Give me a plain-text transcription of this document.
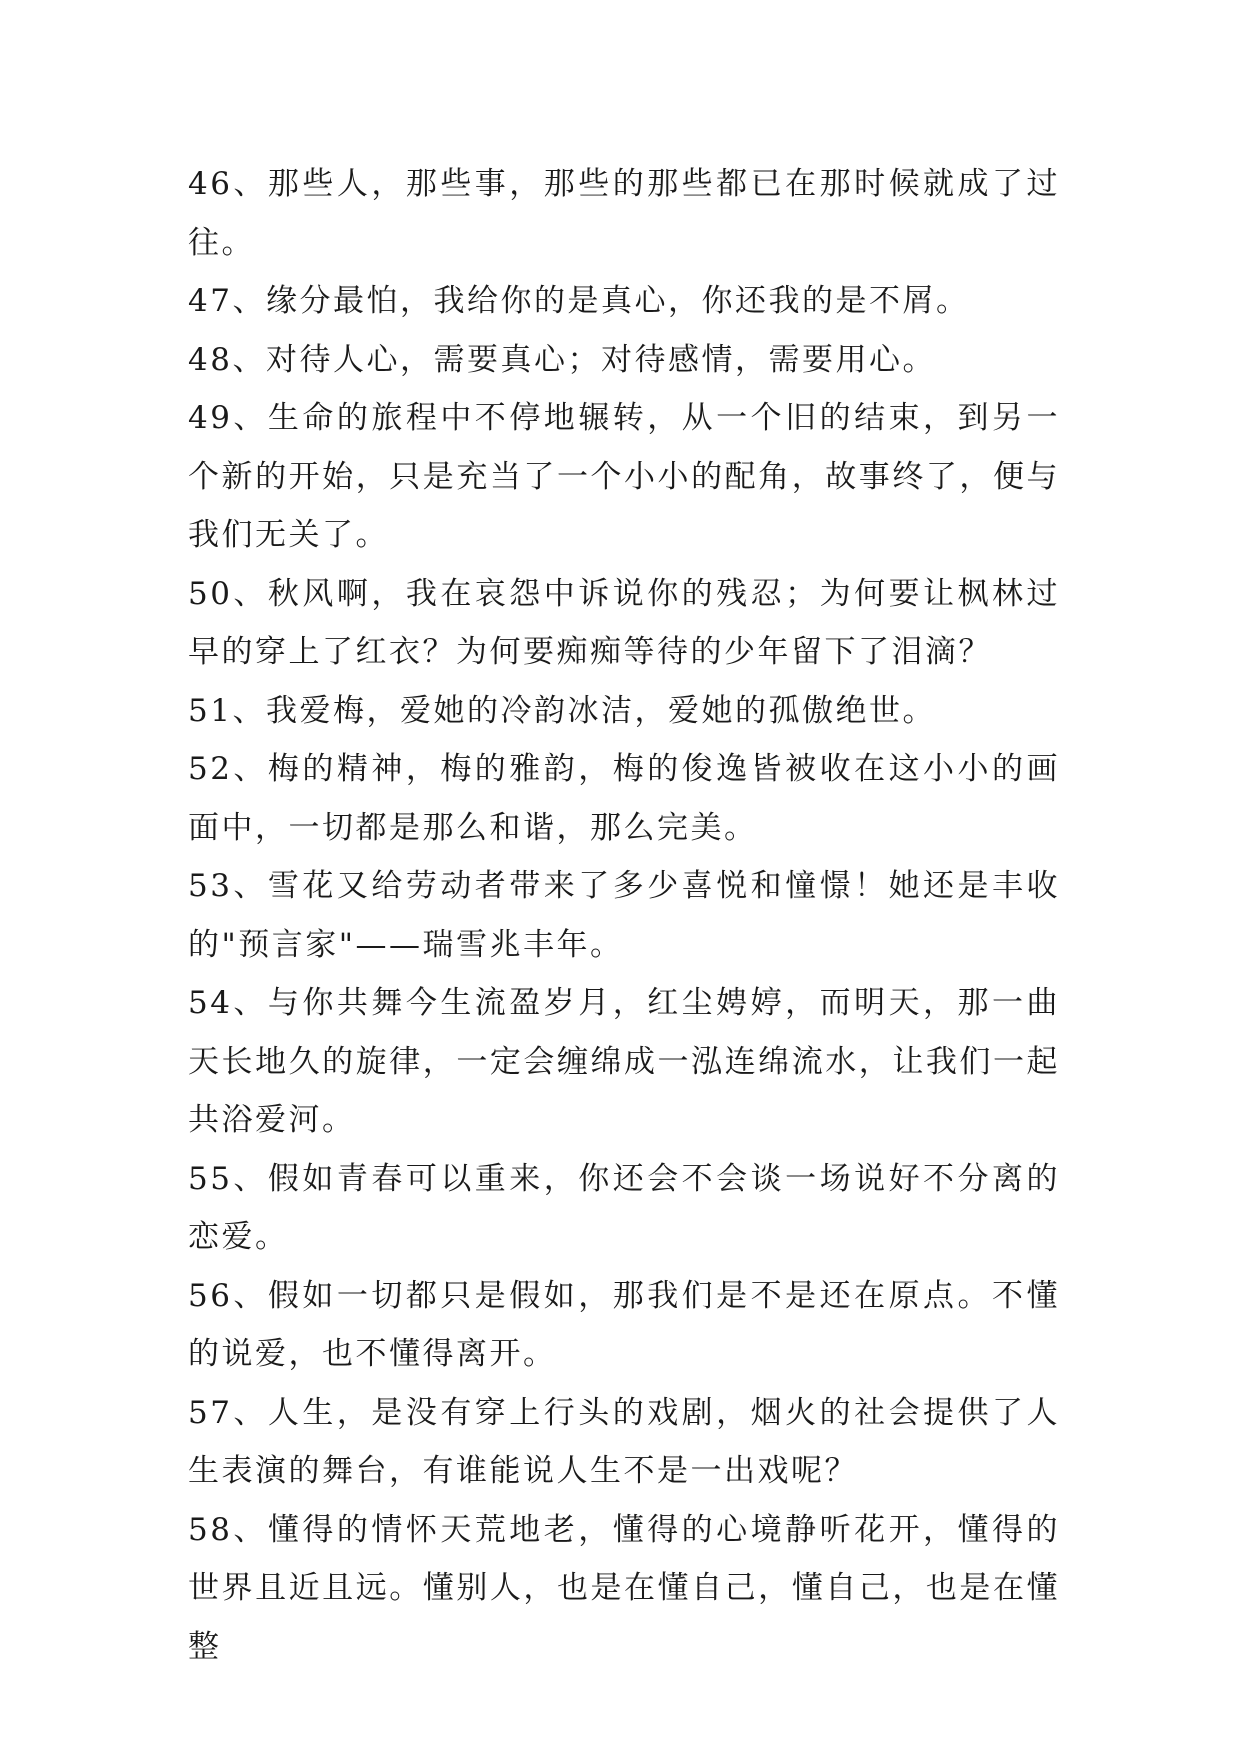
46、那些人，那些事，那些的那些都已在那时候就成了过往。

47、缘分最怕，我给你的是真心，你还我的是不屑。

48、对待人心，需要真心；对待感情，需要用心。

49、生命的旅程中不停地辗转，从一个旧的结束，到另一个新的开始，只是充当了一个小小的配角，故事终了，便与我们无关了。

50、秋风啊，我在哀怨中诉说你的残忍；为何要让枫林过早的穿上了红衣？为何要痴痴等待的少年留下了泪滴？

51、我爱梅，爱她的冷韵冰洁，爱她的孤傲绝世。

52、梅的精神，梅的雅韵，梅的俊逸皆被收在这小小的画面中，一切都是那么和谐，那么完美。

53、雪花又给劳动者带来了多少喜悦和憧憬！她还是丰收的"预言家"——瑞雪兆丰年。

54、与你共舞今生流盈岁月，红尘娉婷，而明天，那一曲天长地久的旋律，一定会缠绵成一泓连绵流水，让我们一起共浴爱河。

55、假如青春可以重来，你还会不会谈一场说好不分离的恋爱。

56、假如一切都只是假如，那我们是不是还在原点。不懂的说爱，也不懂得离开。

57、人生，是没有穿上行头的戏剧，烟火的社会提供了人生表演的舞台，有谁能说人生不是一出戏呢？

58、懂得的情怀天荒地老，懂得的心境静听花开，懂得的世界且近且远。懂别人，也是在懂自己，懂自己，也是在懂整
